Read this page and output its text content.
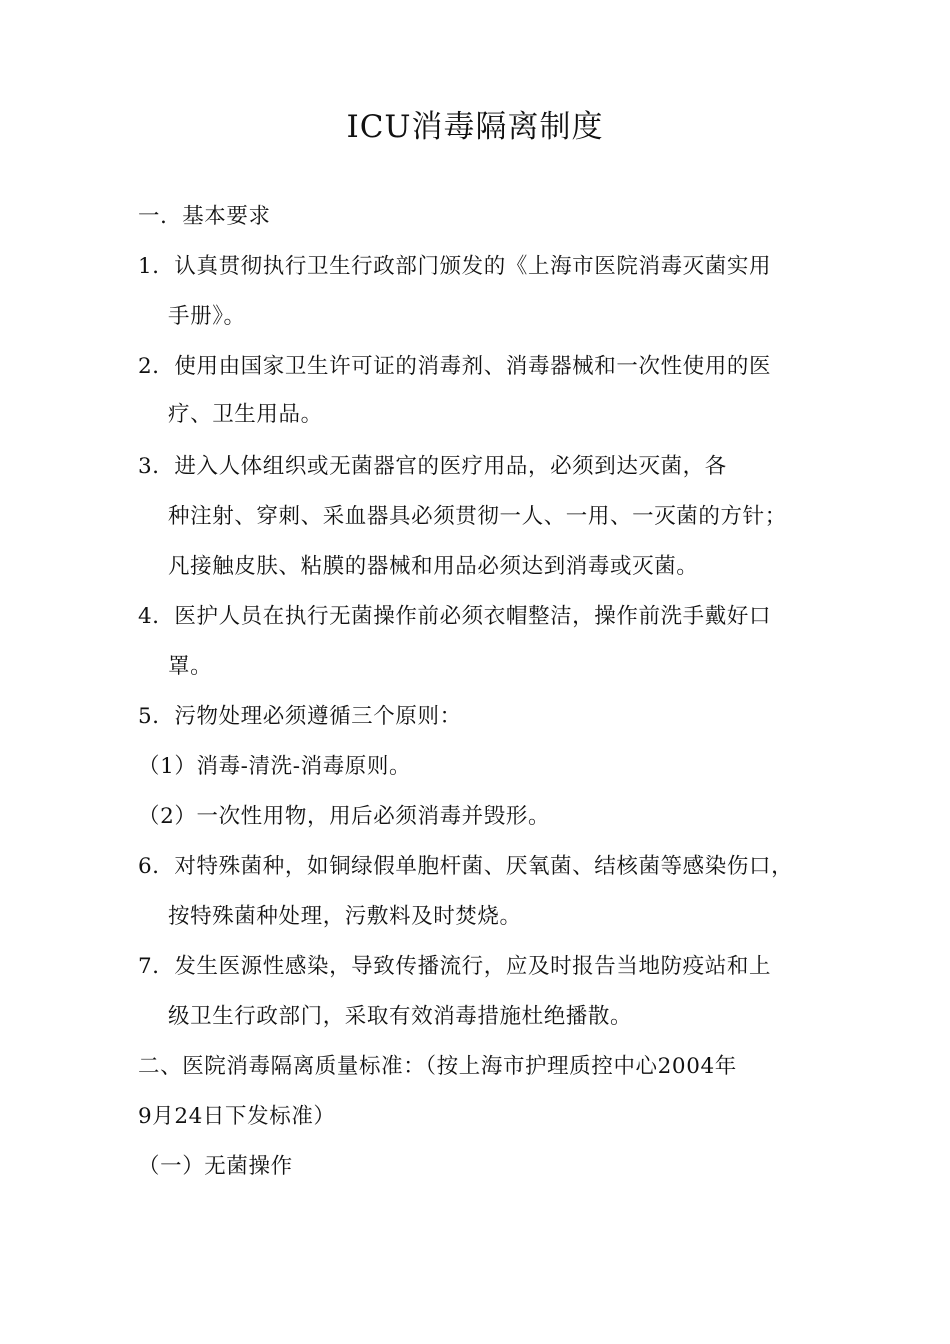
ICU消毒隔离制度
一．基本要求
1．认真贯彻执行卫生行政部门颁发的《上海市医院消毒灭菌实用
手册》。
2．使用由国家卫生许可证的消毒剂、消毒器械和一次性使用的医
疗、卫生用品。
3．进入人体组织或无菌器官的医疗用品，必须到达灭菌，各
种注射、穿刺、采血器具必须贯彻一人、一用、一灭菌的方针；
凡接触皮肤、粘膜的器械和用品必须达到消毒或灭菌。
4．医护人员在执行无菌操作前必须衣帽整洁，操作前洗手戴好口
罩。
5．污物处理必须遵循三个原则：
（1）消毒-清洗-消毒原则。
（2）一次性用物，用后必须消毒并毁形。
6．对特殊菌种，如铜绿假单胞杆菌、厌氧菌、结核菌等感染伤口，
按特殊菌种处理，污敷料及时焚烧。
7．发生医源性感染，导致传播流行，应及时报告当地防疫站和上
级卫生行政部门，采取有效消毒措施杜绝播散。
二、医院消毒隔离质量标准：（按上海市护理质控中心2004年
9月24日下发标准）
（一）无菌操作
